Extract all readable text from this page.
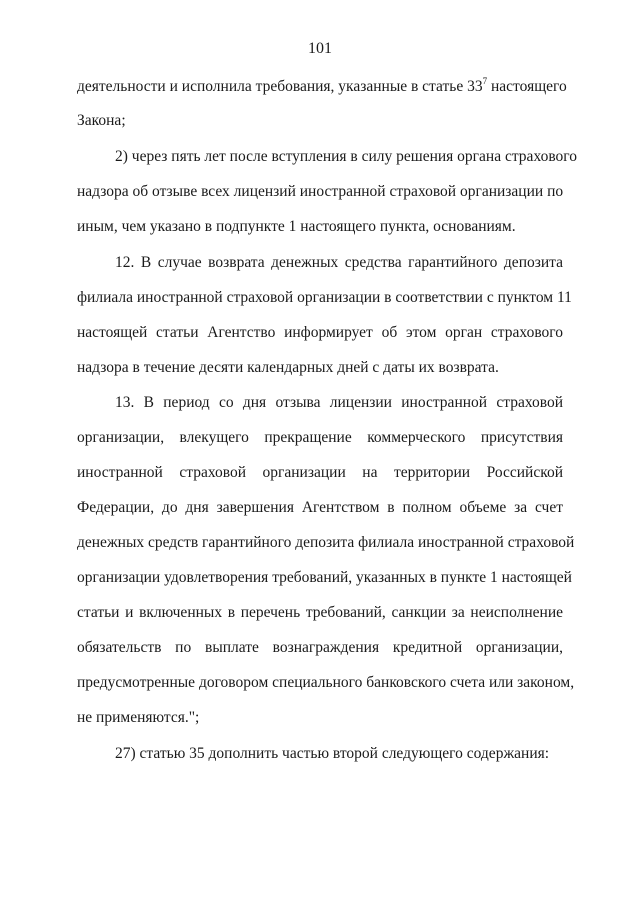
101
деятельности и исполнила требования, указанные в статье $33^7$ настоящего
Закона;
2) через пять лет после вступления в силу решения органа страхового
надзора об отзыве всех лицензий иностранной страховой организации по
иным, чем указано в подпункте 1 настоящего пункта, основаниям.
12. В случае возврата денежных средства гарантийного депозита
филиала иностранной страховой организации в соответствии с пунктом 11
настоящей статьи Агентство информирует об этом орган страхового
надзора в течение десяти календарных дней с даты их возврата.
13. В период со дня отзыва лицензии иностранной страховой
организации, влекущего прекращение коммерческого присутствия
иностранной страховой организации на территории Российской
Федерации, до дня завершения Агентством в полном объеме за счет
денежных средств гарантийного депозита филиала иностранной страховой
организации удовлетворения требований, указанных в пункте 1 настоящей
статьи и включенных в перечень требований, санкции за неисполнение
обязательств по выплате вознаграждения кредитной организации,
предусмотренные договором специального банковского счета или законом,
не применяются.";
27) статью 35 дополнить частью второй следующего содержания:
